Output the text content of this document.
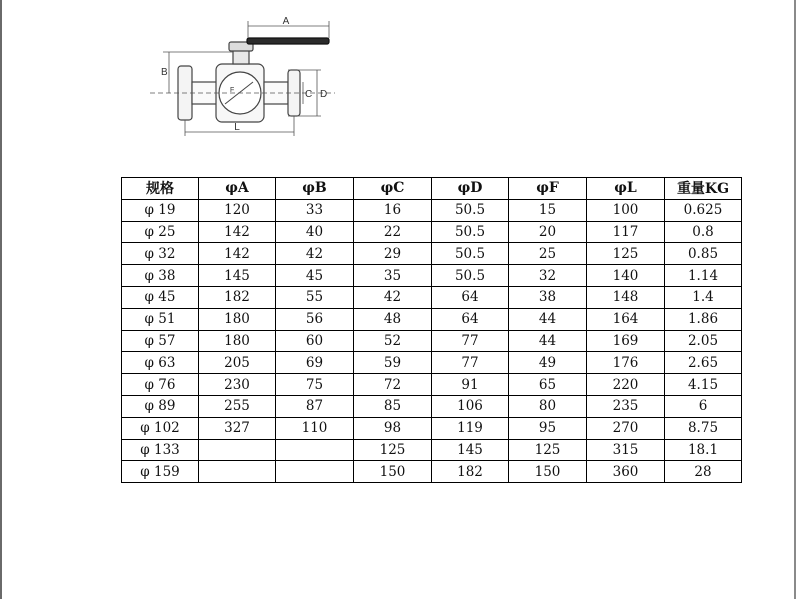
A
B
C D
F
L
规格	φA	φB	φC	φD	φF	φL	重量KG
φ 19	120	33	16	50.5	15	100	0.625
φ 25	142	40	22	50.5	20	117	0.8
φ 32	142	42	29	50.5	25	125	0.85
φ 38	145	45	35	50.5	32	140	1.14
φ 45	182	55	42	64	38	148	1.4
φ 51	180	56	48	64	44	164	1.86
φ 57	180	60	52	77	44	169	2.05
φ 63	205	69	59	77	49	176	2.65
φ 76	230	75	72	91	65	220	4.15
φ 89	255	87	85	106	80	235	6
φ 102	327	110	98	119	95	270	8.75
φ 133			125	145	125	315	18.1
φ 159			150	182	150	360	28
